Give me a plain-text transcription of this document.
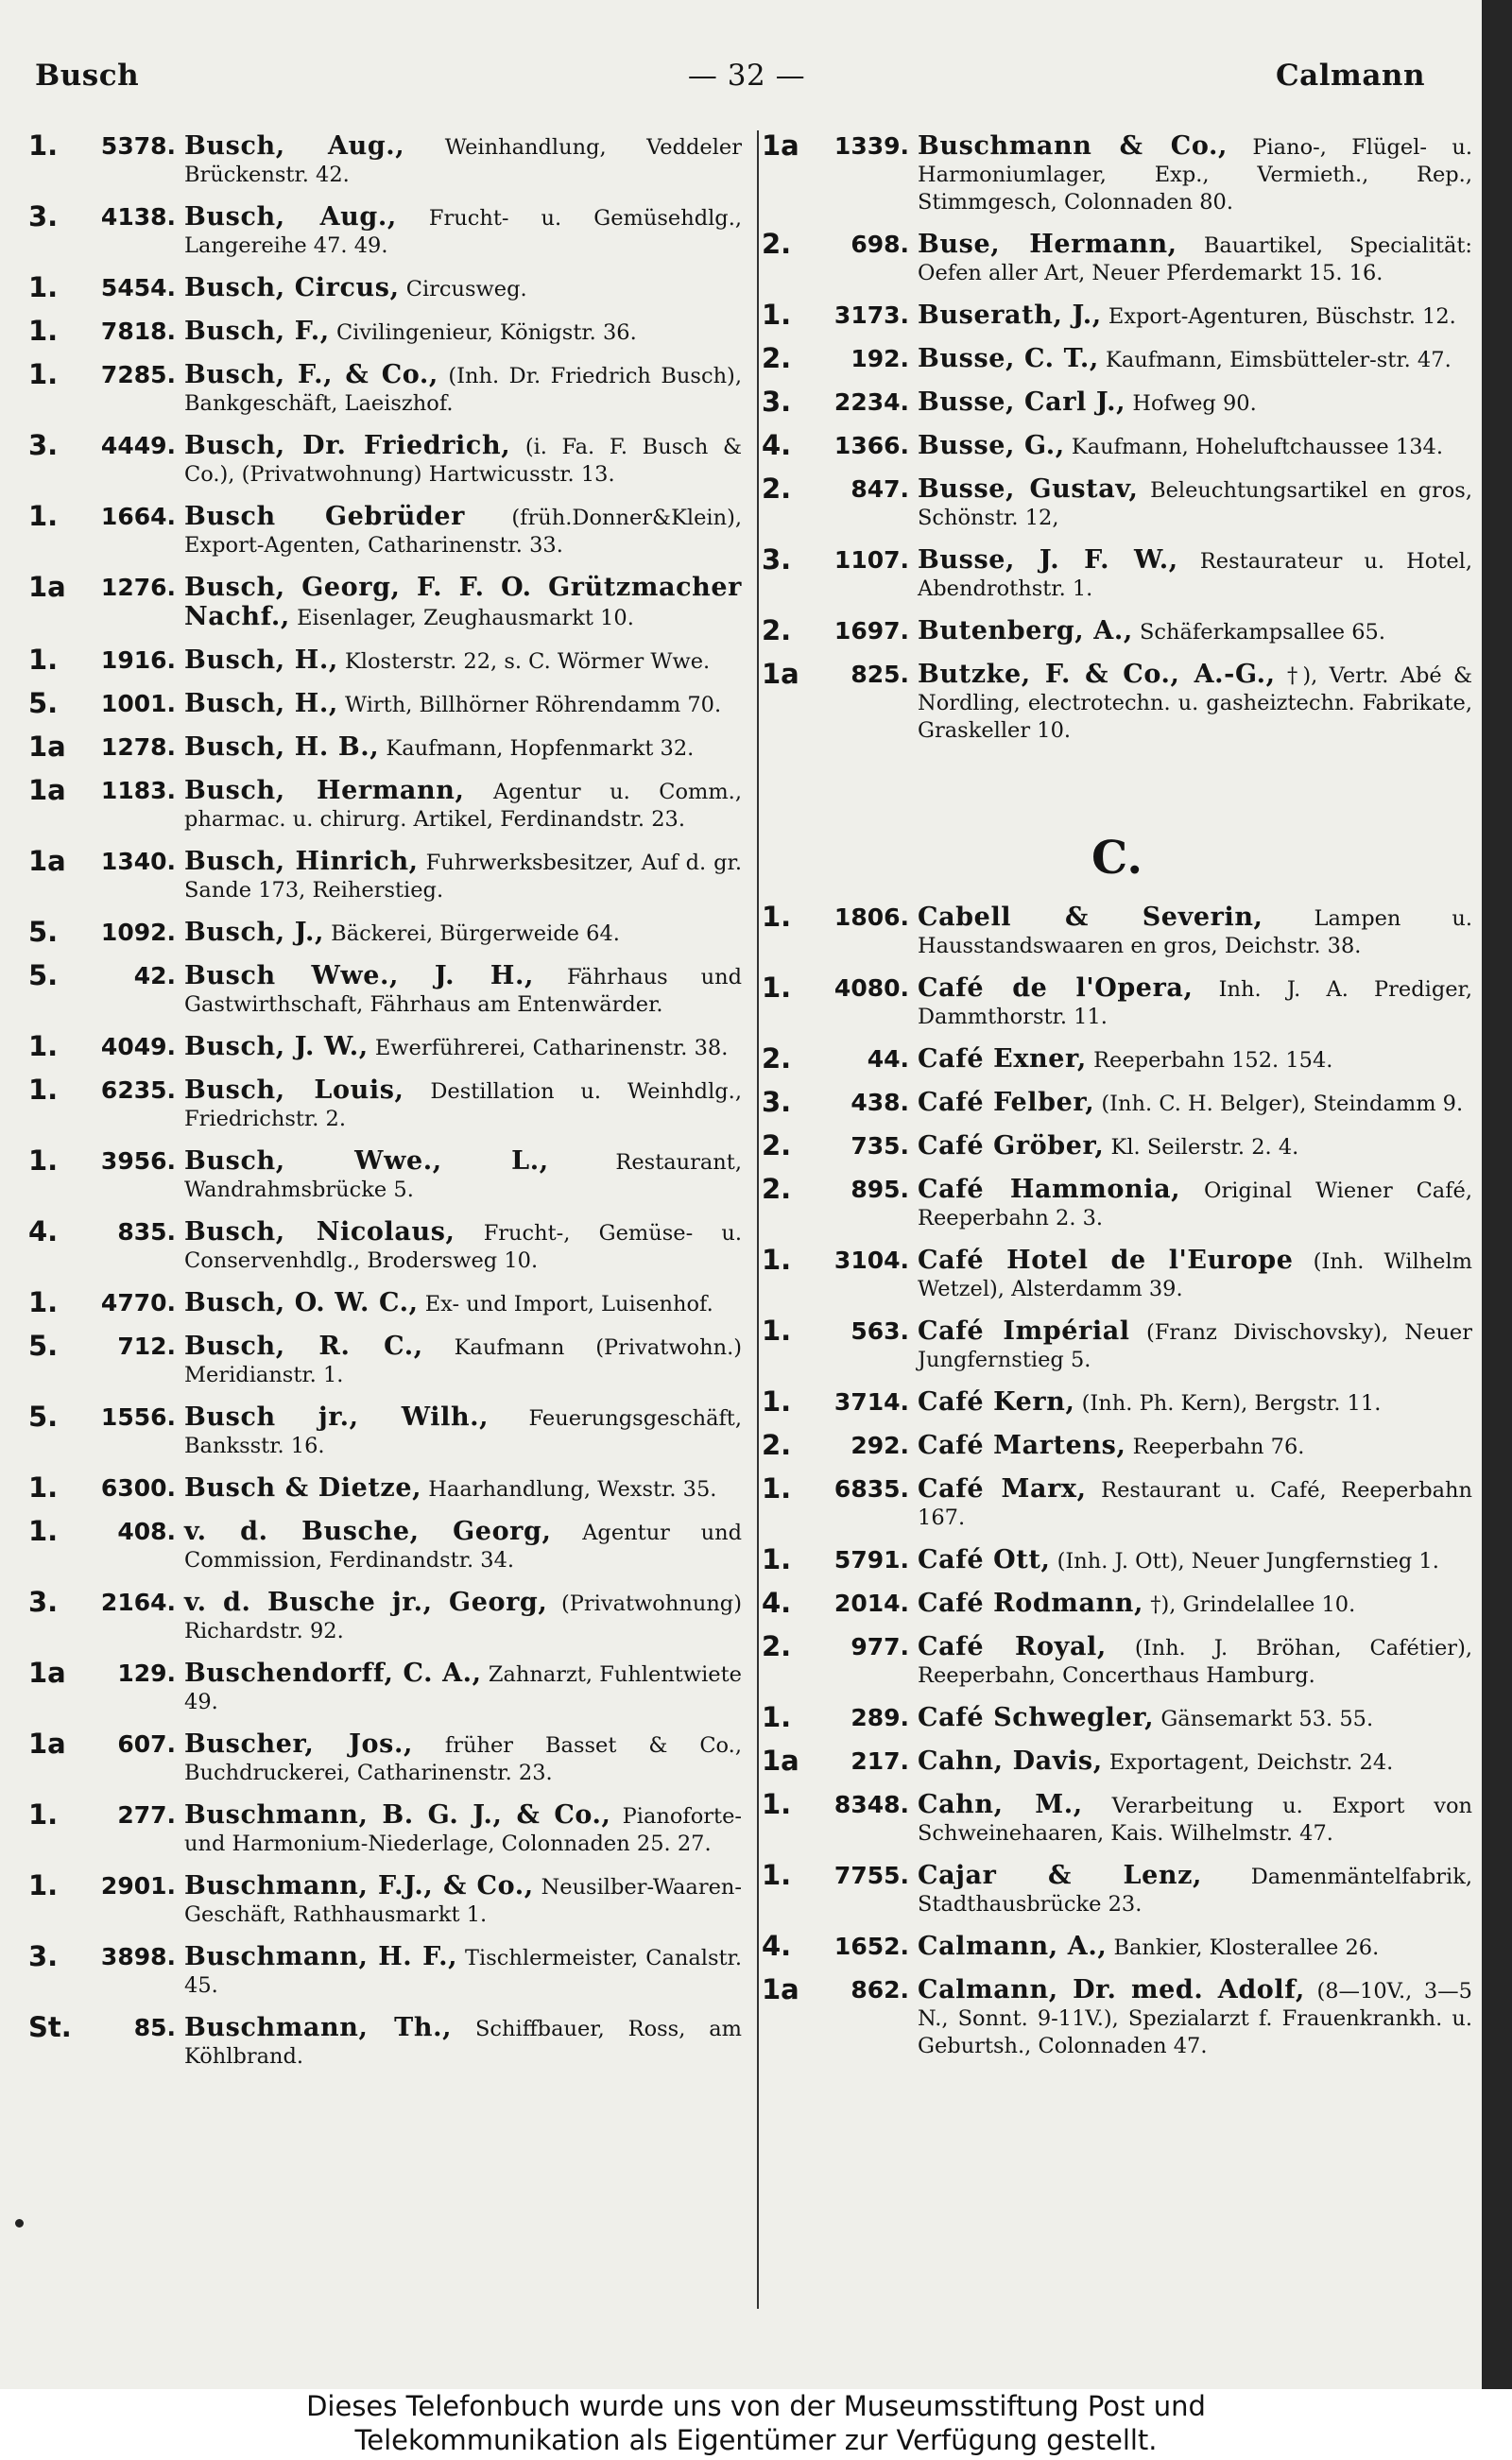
Busch	— 32 —	Calmann
1. 5378. Busch, Aug., Weinhandlung, Veddeler Brückenstr. 42.
3. 4138. Busch, Aug., Frucht- u. Gemüsehdlg., Langereihe 47. 49.
1. 5454. Busch, Circus, Circusweg.
1. 7818. Busch, F., Civilingenieur, Königstr. 36.
1. 7285. Busch, F., & Co., (Inh. Dr. Friedrich Busch), Bankgeschäft, Laeiszhof.
3. 4449. Busch, Dr. Friedrich, (i. Fa. F. Busch & Co.), (Privatwohnung) Hartwicusstr. 13.
1. 1664. Busch Gebrüder (früh.Donner&Klein), Export-Agenten, Catharinenstr. 33.
1a 1276. Busch, Georg, F. F. O. Grützmacher Nachf., Eisenlager, Zeughausmarkt 10.
1. 1916. Busch, H., Klosterstr. 22, s. C. Wörmer Wwe.
5. 1001. Busch, H., Wirth, Billhörner Röhrendamm 70.
1a 1278. Busch, H. B., Kaufmann, Hopfenmarkt 32.
1a 1183. Busch, Hermann, Agentur u. Comm., pharmac. u. chirurg. Artikel, Ferdinandstr. 23.
1a 1340. Busch, Hinrich, Fuhrwerksbesitzer, Auf d. gr. Sande 173, Reiherstieg.
5. 1092. Busch, J., Bäckerei, Bürgerweide 64.
5.	42. Busch Wwe., J. H., Fährhaus und Gastwirthschaft, Fährhaus am Entenwärder.
1. 4049. Busch, J. W., Ewerführerei, Catharinenstr. 38.
1. 6235. Busch, Louis, Destillation u. Weinhdlg., Friedrichstr. 2.
1. 3956. Busch, Wwe., L.,	Restaurant, Wandrahmsbrücke 5.
4.	835. Busch, Nicolaus, Frucht-, Gemüse- u. Conservenhdlg., Brodersweg 10.
1. 4770. Busch, O. W. C., Ex- und Import, Luisenhof.
5.	712. Busch, R. C., Kaufmann (Privatwohn.) Meridianstr. 1.
5. 1556. Busch jr., Wilh., Feuerungsgeschäft, Banksstr. 16.
1. 6300. Busch & Dietze, Haarhandlung, Wexstr. 35.
1.	408. v. d. Busche, Georg, Agentur und Commission, Ferdinandstr. 34.
3. 2164. v. d. Busche jr., Georg, (Privatwohnung) Richardstr. 92.
1a 129. Buschendorff, C. A., Zahnarzt, Fuhlentwiete 49.
1a 607. Buscher, Jos., früher Basset & Co., Buchdruckerei, Catharinenstr. 23.
1.	277. Buschmann, B. G. J., & Co., Pianoforte- und Harmonium-Niederlage, Colonnaden 25. 27.
1. 2901. Buschmann, F.J., & Co., Neusilber-Waaren-Geschäft, Rathhausmarkt 1.
3. 3898. Buschmann, H. F., Tischlermeister, Canalstr. 45.
St.	85. Buschmann, Th., Schiffbauer, Ross, am Köhlbrand.
1a 1339. Buschmann & Co., Piano-, Flügel- u. Harmoniumlager, Exp., Vermieth., Rep., Stimmgesch, Colonnaden 80.
2.	698. Buse, Hermann, Bauartikel, Specialität: Oefen aller Art, Neuer Pferdemarkt 15. 16.
1. 3173. Buserath, J., Export-Agenturen, Büschstr. 12.
2.	192. Busse, C. T., Kaufmann, Eimsbütteler-str. 47.
3. 2234. Busse, Carl J., Hofweg 90.
4. 1366. Busse, G., Kaufmann, Hoheluftchaussee 134.
2.	847. Busse, Gustav, Beleuchtungsartikel en gros, Schönstr. 12,
3. 1107. Busse, J. F. W., Restaurateur u. Hotel, Abendrothstr. 1.
2. 1697. Butenberg, A., Schäferkampsallee 65.
1a 825. Butzke, F. & Co., A.-G., †), Vertr. Abé & Nordling, electrotechn. u. gasheiztechn. Fabrikate, Graskeller 10.
C.
1. 1806. Cabell & Severin, Lampen u. Hausstandswaaren en gros, Deichstr. 38.
1. 4080. Café de l'Opera, Inh. J. A. Prediger, Dammthorstr. 11.
2.	44. Café Exner, Reeperbahn 152. 154.
3.	438. Café Felber, (Inh. C. H. Belger), Steindamm 9.
2.	735. Café Gröber, Kl. Seilerstr. 2. 4.
2.	895. Café Hammonia, Original Wiener Café, Reeperbahn 2. 3.
1. 3104. Café Hotel de l'Europe (Inh. Wilhelm Wetzel), Alsterdamm 39.
1.	563. Café Impérial (Franz Divischovsky), Neuer Jungfernstieg 5.
1. 3714. Café Kern, (Inh. Ph. Kern), Bergstr. 11.
2.	292. Café Martens, Reeperbahn 76.
1. 6835. Café Marx, Restaurant u. Café, Reeperbahn 167.
1. 5791. Café Ott, (Inh. J. Ott), Neuer Jungfernstieg 1.
4. 2014. Café Rodmann, †), Grindelallee 10.
2.	977. Café Royal, (Inh. J. Bröhan, Cafétier), Reeperbahn, Concerthaus Hamburg.
1.	289. Café Schwegler, Gänsemarkt 53. 55.
1a 217. Cahn, Davis, Exportagent, Deichstr. 24.
1. 8348. Cahn, M., Verarbeitung u. Export von Schweinehaaren, Kais. Wilhelmstr. 47.
1. 7755. Cajar & Lenz, Damenmäntelfabrik, Stadthausbrücke 23.
4. 1652. Calmann, A., Bankier, Klosterallee 26.
1a 862. Calmann, Dr. med. Adolf, (8—10V., 3—5 N., Sonnt. 9-11V.), Spezialarzt f. Frauenkrankh. u. Geburtsh., Colonnaden 47.
Dieses Telefonbuch wurde uns von der Museumsstiftung Post und
Telekommunikation als Eigentümer zur Verfügung gestellt.
